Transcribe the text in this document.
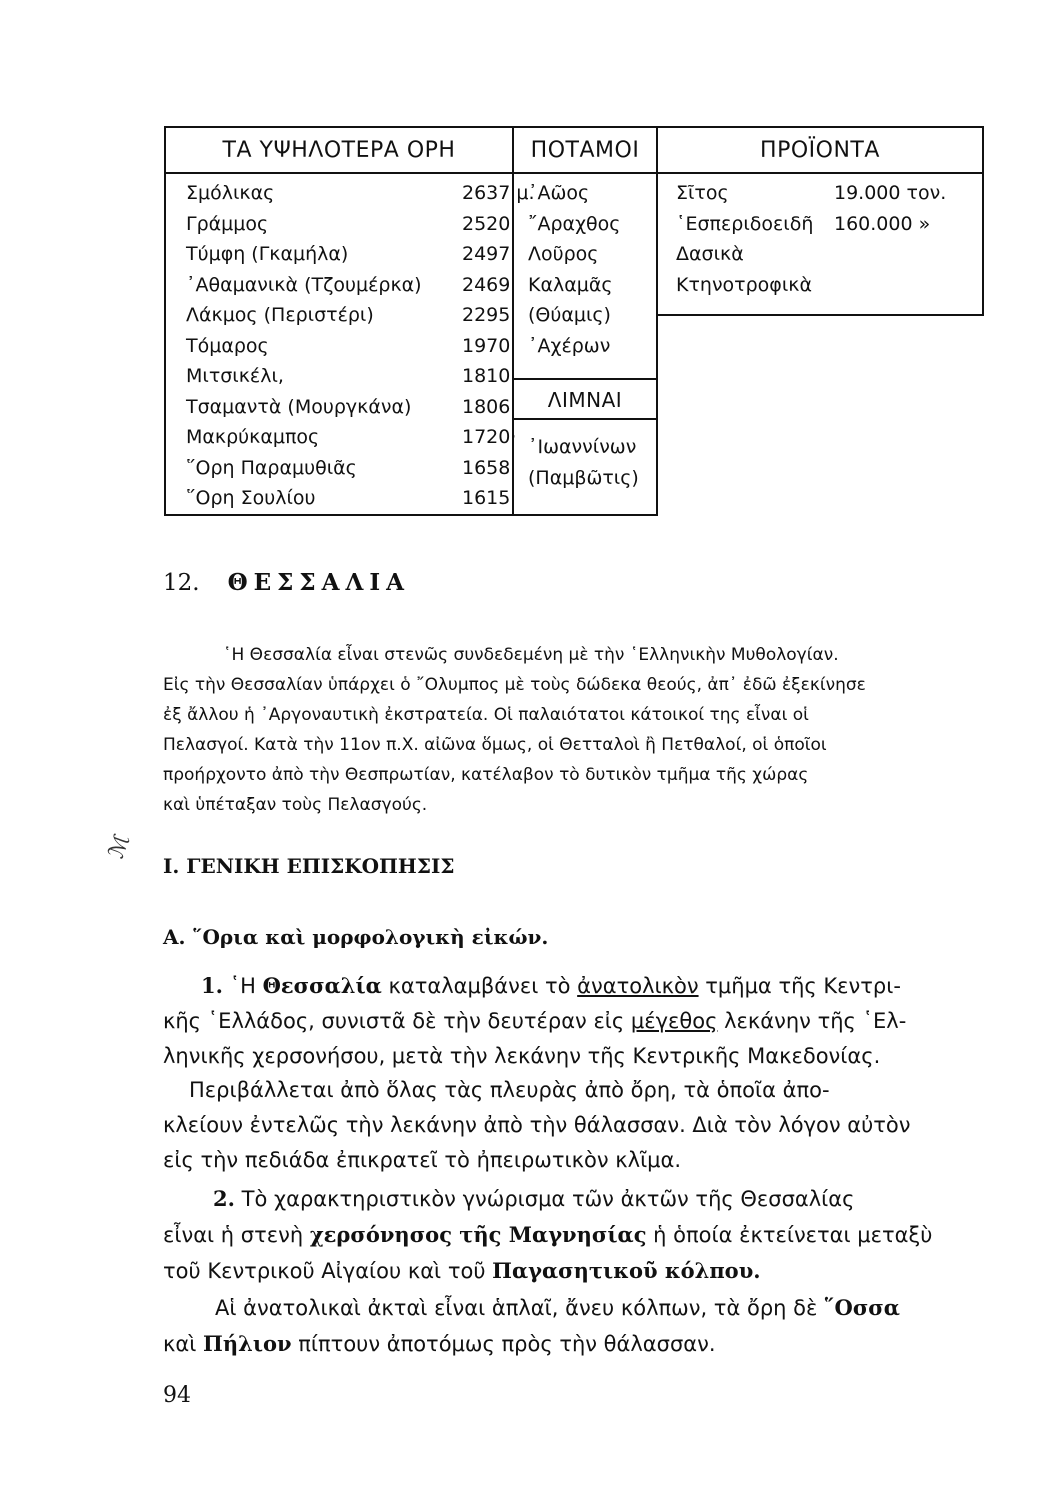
ΤΑ ΥΨΗΛΟΤΕΡΑ ΟΡΗ
Σμόλικας	2637 μ.
Γράμμος	2520
Τύμφη (Γκαμήλα)	2497
᾿Αθαμανικὰ (Τζουμέρκα) 2469
Λάκμος (Περιστέρι)	2295
Τόμαρος	1970
Μιτσικέλι,	1810
Τσαμαντὰ (Μουργκάνα)	1806
Μακρύκαμπος	1720·
῞Ορη Παραμυθιᾶς	1658
῞Ορη Σουλίου	1615
ΠΟΤΑΜΟΙ
᾿Αῶος
῎Αραχθος
Λοῦρος
Καλαμᾶς
(Θύαμις)
᾿Αχέρων
ΛΙΜΝΑΙ
᾿Ιωαννίνων
(Παμβῶτις)
ΠΡΟΪΟΝΤΑ
Σῖτος	19.000 τον.
῾Εσπεριδοειδῆ 160.000 »
Δασικὰ
Κτηνοτροφικὰ
12. ΘΕΣΣΑΛΙΑ
῾Η Θεσσαλία εἶναι στενῶς συνδεδεμένη μὲ τὴν ῾Ελληνικὴν Μυθολογίαν.
Εἰς τὴν Θεσσαλίαν ὑπάρχει ὁ ῎Ολυμπος μὲ τοὺς δώδεκα θεούς, ἀπ᾿ ἐδῶ ἐξεκίνησε
ἐξ ἄλλου ἡ ᾿Αργοναυτικὴ ἐκστρατεία. Οἱ παλαιότατοι κάτοικοί της εἶναι οἱ
Πελασγοί. Κατὰ τὴν 11ον π.Χ. αἰῶνα ὅμως, οἱ Θετταλοὶ ἢ Πετθαλοί, οἱ ὁποῖοι
προήρχοντο ἀπὸ τὴν Θεσπρωτίαν, κατέλαβον τὸ δυτικὸν τμῆμα τῆς χώρας
καὶ ὑπέταξαν τοὺς Πελασγούς.
ℳ
I. ΓΕΝΙΚΗ ΕΠΙΣΚΟΠΗΣΙΣ
Α. ῞Ορια καὶ μορφολογικὴ εἰκών.
1. ῾Η Θεσσαλία καταλαμβάνει τὸ ἀνατολικὸν τμῆμα τῆς Κεντρι-
κῆς ῾Ελλάδος, συνιστᾶ δὲ τὴν δευτέραν εἰς μέγεθος λεκάνην τῆς ῾Ελ-
ληνικῆς χερσονήσου, μετὰ τὴν λεκάνην τῆς Κεντρικῆς Μακεδονίας.
Περιβάλλεται ἀπὸ ὅλας τὰς πλευρὰς ἀπὸ ὄρη, τὰ ὁποῖα ἀπο-
κλείουν ἐντελῶς τὴν λεκάνην ἀπὸ τὴν θάλασσαν. Διὰ τὸν λόγον αὐτὸν
εἰς τὴν πεδιάδα ἐπικρατεῖ τὸ ἠπειρωτικὸν κλῖμα.
2. Τὸ χαρακτηριστικὸν γνώρισμα τῶν ἀκτῶν τῆς Θεσσαλίας
εἶναι ἡ στενὴ χερσόνησος τῆς Μαγνησίας ἡ ὁποία ἐκτείνεται μεταξὺ
τοῦ Κεντρικοῦ Αἰγαίου καὶ τοῦ Παγασητικοῦ κόλπου.
Αἱ ἀνατολικαὶ ἀκταὶ εἶναι ἁπλαῖ, ἄνευ κόλπων, τὰ ὄρη δὲ ῞Οσσα
καὶ Πήλιον πίπτουν ἀποτόμως πρὸς τὴν θάλασσαν.
94
